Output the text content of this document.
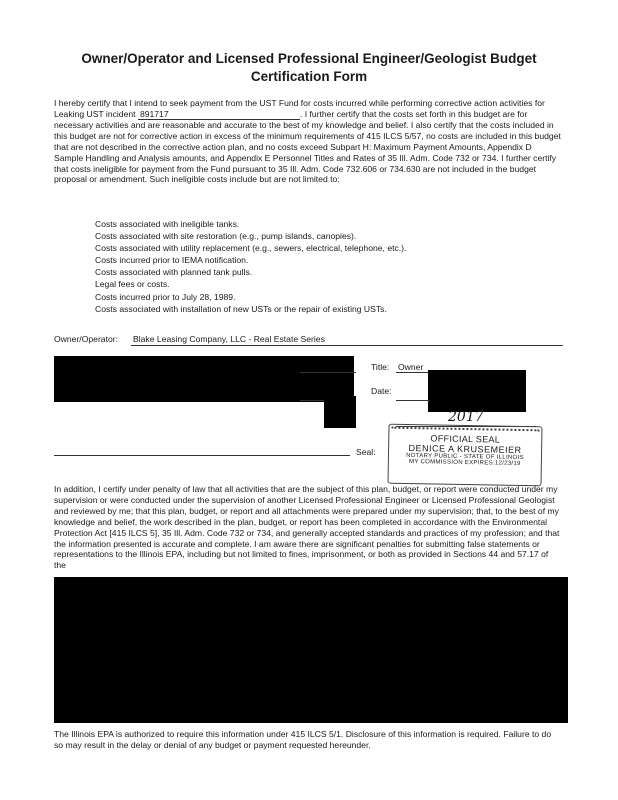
Owner/Operator and Licensed Professional Engineer/Geologist Budget
Certification Form
I hereby certify that I intend to seek payment from the UST Fund for costs incurred while performing corrective action activities for Leaking UST incident 891717	. I further certify that the costs set forth in this budget are for necessary activities and are reasonable and accurate to the best of my knowledge and belief. I also certify that the costs included in this budget are not for corrective action in excess of the minimum requirements of 415 ILCS 5/57, no costs are included in this budget that are not described in the corrective action plan, and no costs exceed Subpart H: Maximum Payment Amounts, Appendix D Sample Handling and Analysis amounts, and Appendix E Personnel Titles and Rates of 35 Ill. Adm. Code 732 or 734. I further certify that costs ineligible for payment from the Fund pursuant to 35 Ill. Adm. Code 732.606 or 734.630 are not included in the budget proposal or amendment. Such ineligible costs include but are not limited to:
Costs associated with ineligible tanks.
Costs associated with site restoration (e.g., pump islands, canopies).
Costs associated with utility replacement (e.g., sewers, electrical, telephone, etc.).
Costs incurred prior to IEMA notification.
Costs associated with planned tank pulls.
Legal fees or costs.
Costs incurred prior to July 28, 1989.
Costs associated with installation of new USTs or the repair of existing USTs.
Owner/Operator: Blake Leasing Company, LLC - Real Estate Series
Title: Owner
Date:
2017
Seal:
OFFICIAL SEAL
DENICE A KRUSEMEIER
NOTARY PUBLIC - STATE OF ILLINOIS
MY COMMISSION EXPIRES:12/23/19
In addition, I certify under penalty of law that all activities that are the subject of this plan, budget, or report were conducted under my supervision or were conducted under the supervision of another Licensed Professional Engineer or Licensed Professional Geologist and reviewed by me; that this plan, budget, or report and all attachments were prepared under my supervision; that, to the best of my knowledge and belief, the work described in the plan, budget, or report has been completed in accordance with the Environmental Protection Act [415 ILCS 5], 35 Ill. Adm. Code 732 or 734, and generally accepted standards and practices of my profession; and that the information presented is accurate and complete. I am aware there are significant penalties for submitting false statements or representations to the Illinois EPA, including but not limited to fines, imprisonment, or both as provided in Sections 44 and 57.17 of the
The Illinois EPA is authorized to require this information under 415 ILCS 5/1. Disclosure of this information is required. Failure to do so may result in the delay or denial of any budget or payment requested hereunder.
